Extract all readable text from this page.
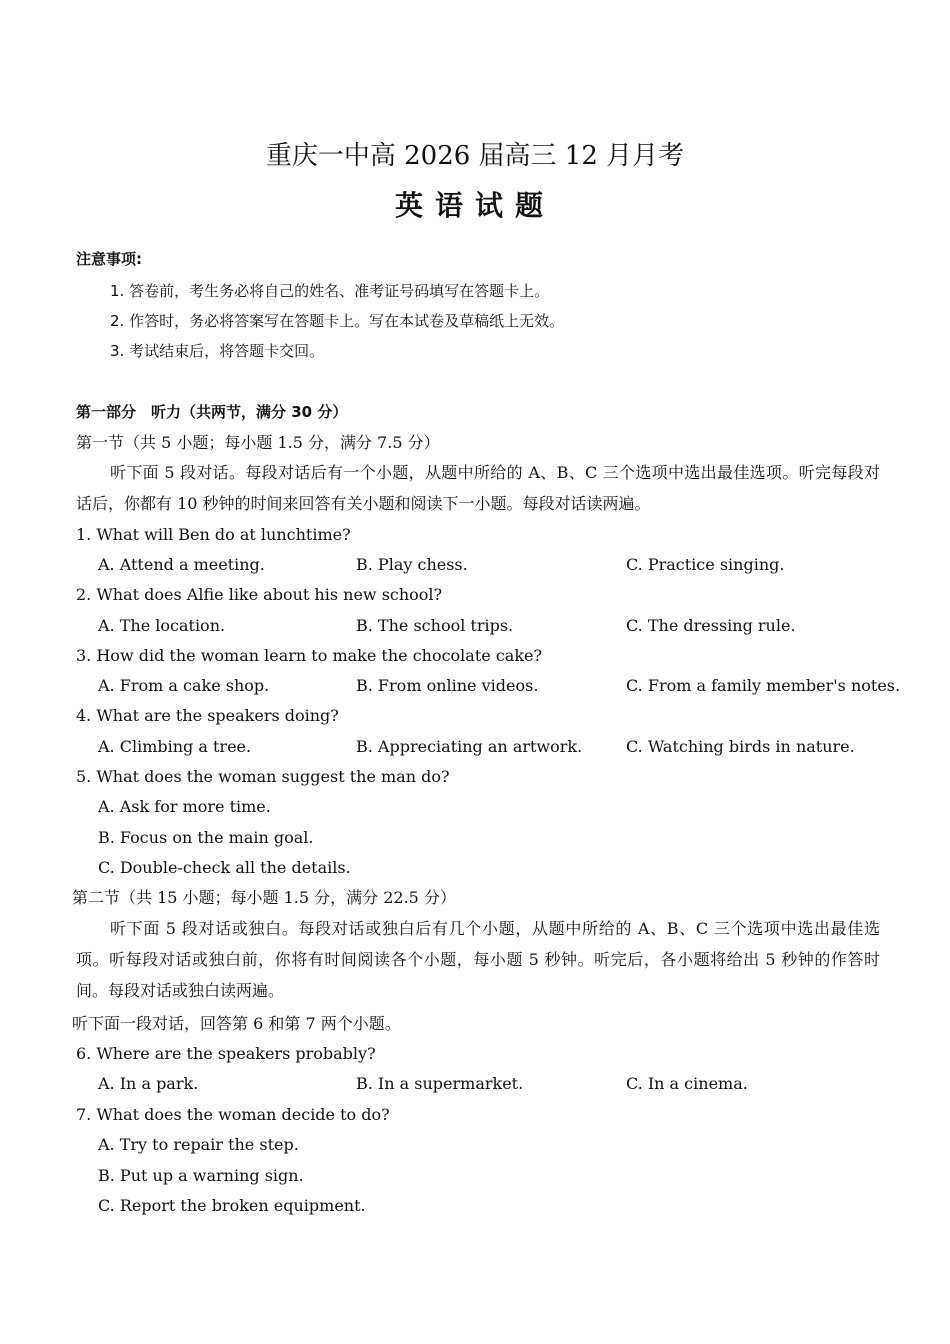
重庆一中高 2026 届高三 12 月月考
英语试题
注意事项:
1. 答卷前，考生务必将自己的姓名、准考证号码填写在答题卡上。
2. 作答时，务必将答案写在答题卡上。写在本试卷及草稿纸上无效。
3. 考试结束后，将答题卡交回。
第一部分　听力（共两节，满分 30 分）
第一节（共 5 小题；每小题 1.5 分，满分 7.5 分）
听下面 5 段对话。每段对话后有一个小题，从题中所给的 A、B、C 三个选项中选出最佳选项。听完每段对话后，你都有 10 秒钟的时间来回答有关小题和阅读下一小题。每段对话读两遍。
1. What will Ben do at lunchtime?
A. Attend a meeting.	B. Play chess.	C. Practice singing.
2. What does Alfie like about his new school?
A. The location.	B. The school trips.	C. The dressing rule.
3. How did the woman learn to make the chocolate cake?
A. From a cake shop.	B. From online videos.	C. From a family member's notes.
4. What are the speakers doing?
A. Climbing a tree.	B. Appreciating an artwork.	C. Watching birds in nature.
5. What does the woman suggest the man do?
A. Ask for more time.
B. Focus on the main goal.
C. Double-check all the details.
第二节（共 15 小题；每小题 1.5 分，满分 22.5 分）
听下面 5 段对话或独白。每段对话或独白后有几个小题，从题中所给的 A、B、C 三个选项中选出最佳选项。听每段对话或独白前，你将有时间阅读各个小题，每小题 5 秒钟。听完后，各小题将给出 5 秒钟的作答时间。每段对话或独白读两遍。
听下面一段对话，回答第 6 和第 7 两个小题。
6. Where are the speakers probably?
A. In a park.	B. In a supermarket.	C. In a cinema.
7. What does the woman decide to do?
A. Try to repair the step.
B. Put up a warning sign.
C. Report the broken equipment.
